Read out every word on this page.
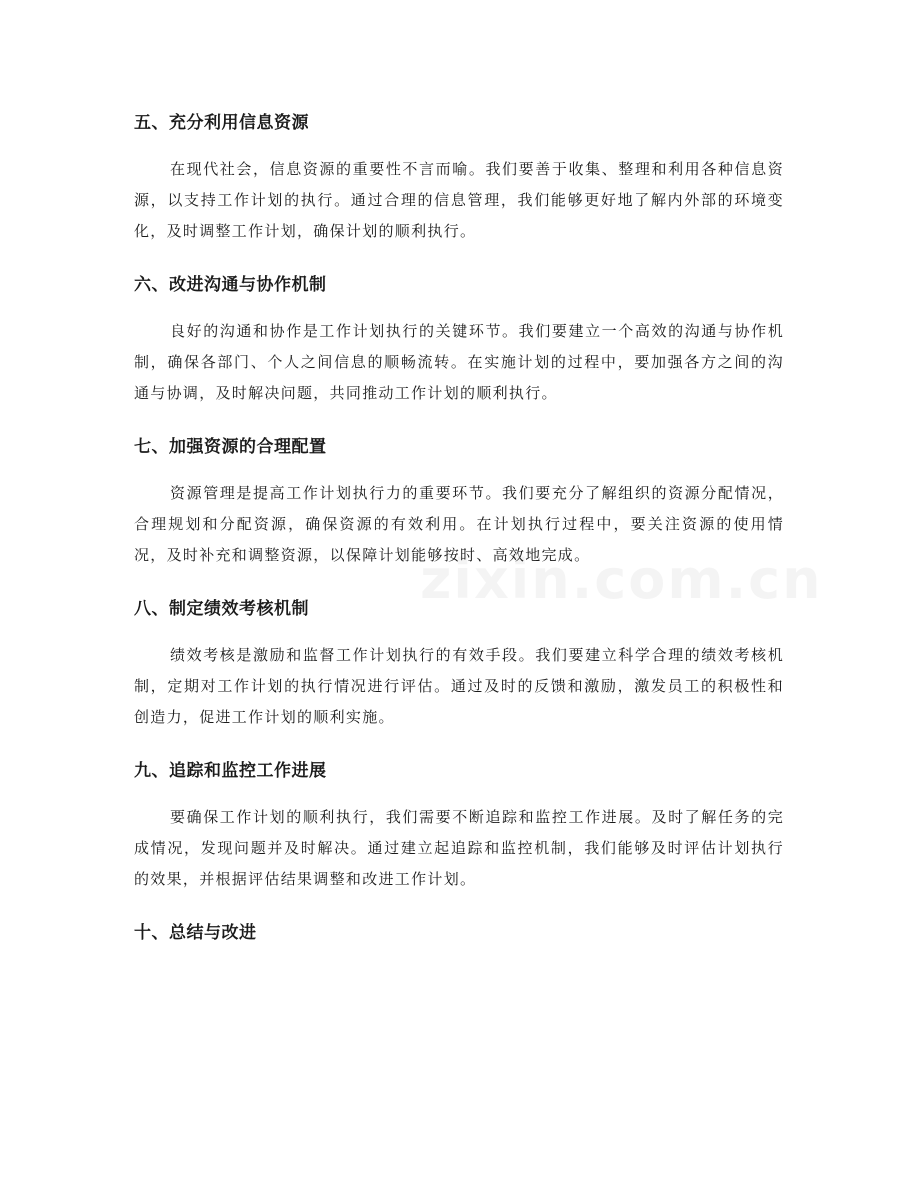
五、充分利用信息资源

在现代社会，信息资源的重要性不言而喻。我们要善于收集、整理和利用各种信息资源，以支持工作计划的执行。通过合理的信息管理，我们能够更好地了解内外部的环境变化，及时调整工作计划，确保计划的顺利执行。

六、改进沟通与协作机制

良好的沟通和协作是工作计划执行的关键环节。我们要建立一个高效的沟通与协作机制，确保各部门、个人之间信息的顺畅流转。在实施计划的过程中，要加强各方之间的沟通与协调，及时解决问题，共同推动工作计划的顺利执行。

七、加强资源的合理配置

资源管理是提高工作计划执行力的重要环节。我们要充分了解组织的资源分配情况，合理规划和分配资源，确保资源的有效利用。在计划执行过程中，要关注资源的使用情况，及时补充和调整资源，以保障计划能够按时、高效地完成。

八、制定绩效考核机制

绩效考核是激励和监督工作计划执行的有效手段。我们要建立科学合理的绩效考核机制，定期对工作计划的执行情况进行评估。通过及时的反馈和激励，激发员工的积极性和创造力，促进工作计划的顺利实施。

九、追踪和监控工作进展

要确保工作计划的顺利执行，我们需要不断追踪和监控工作进展。及时了解任务的完成情况，发现问题并及时解决。通过建立起追踪和监控机制，我们能够及时评估计划执行的效果，并根据评估结果调整和改进工作计划。

十、总结与改进
